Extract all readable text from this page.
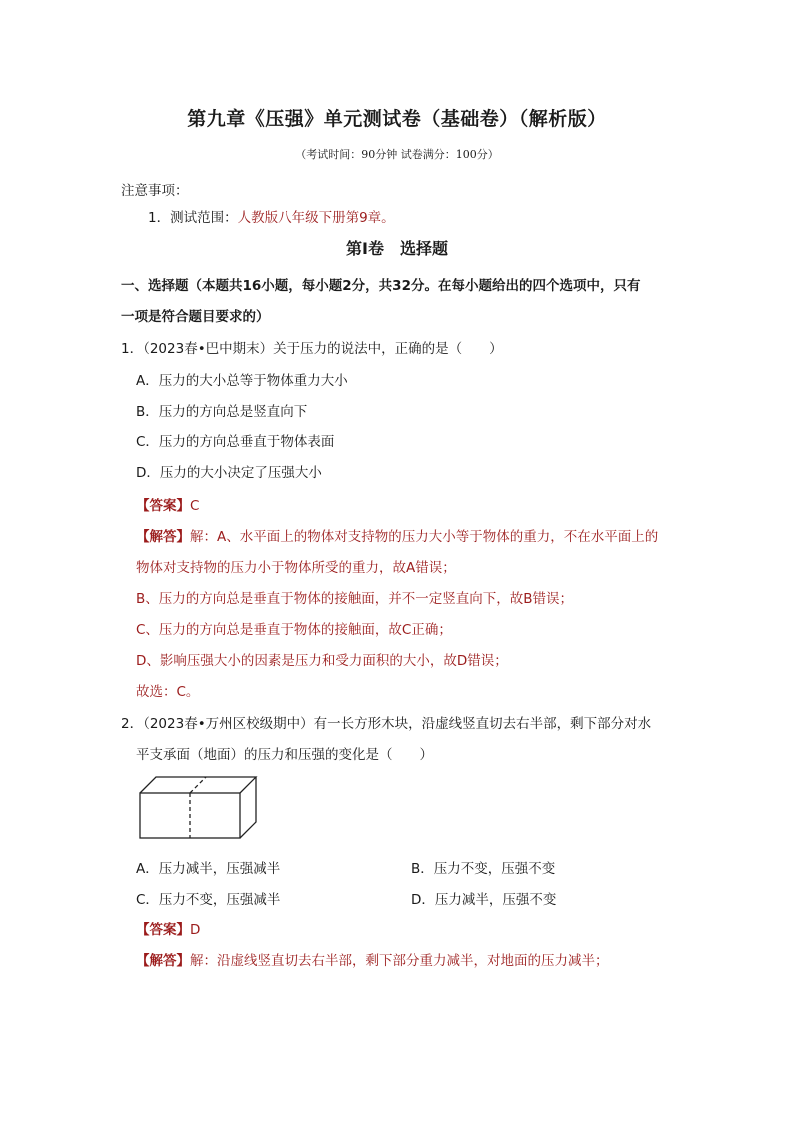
第九章《压强》单元测试卷（基础卷）（解析版）
（考试时间：90分钟 试卷满分：100分）
注意事项：
1．测试范围：人教版八年级下册第9章。
第Ⅰ卷 选择题
一、选择题（本题共16小题，每小题2分，共32分。在每小题给出的四个选项中，只有
一项是符合题目要求的）
1．（2023春•巴中期末）关于压力的说法中，正确的是（　　）
A．压力的大小总等于物体重力大小
B．压力的方向总是竖直向下
C．压力的方向总垂直于物体表面
D．压力的大小决定了压强大小
【答案】C
【解答】解：A、水平面上的物体对支持物的压力大小等于物体的重力，不在水平面上的
物体对支持物的压力小于物体所受的重力，故A错误；
B、压力的方向总是垂直于物体的接触面，并不一定竖直向下，故B错误；
C、压力的方向总是垂直于物体的接触面，故C正确；
D、影响压强大小的因素是压力和受力面积的大小，故D错误；
故选：C。
2．（2023春•万州区校级期中）有一长方形木块，沿虚线竖直切去右半部，剩下部分对水
平支承面（地面）的压力和压强的变化是（　　）
A．压力减半，压强减半	B．压力不变，压强不变
C．压力不变，压强减半	D．压力减半，压强不变
【答案】D
【解答】解：沿虚线竖直切去右半部，剩下部分重力减半，对地面的压力减半；
